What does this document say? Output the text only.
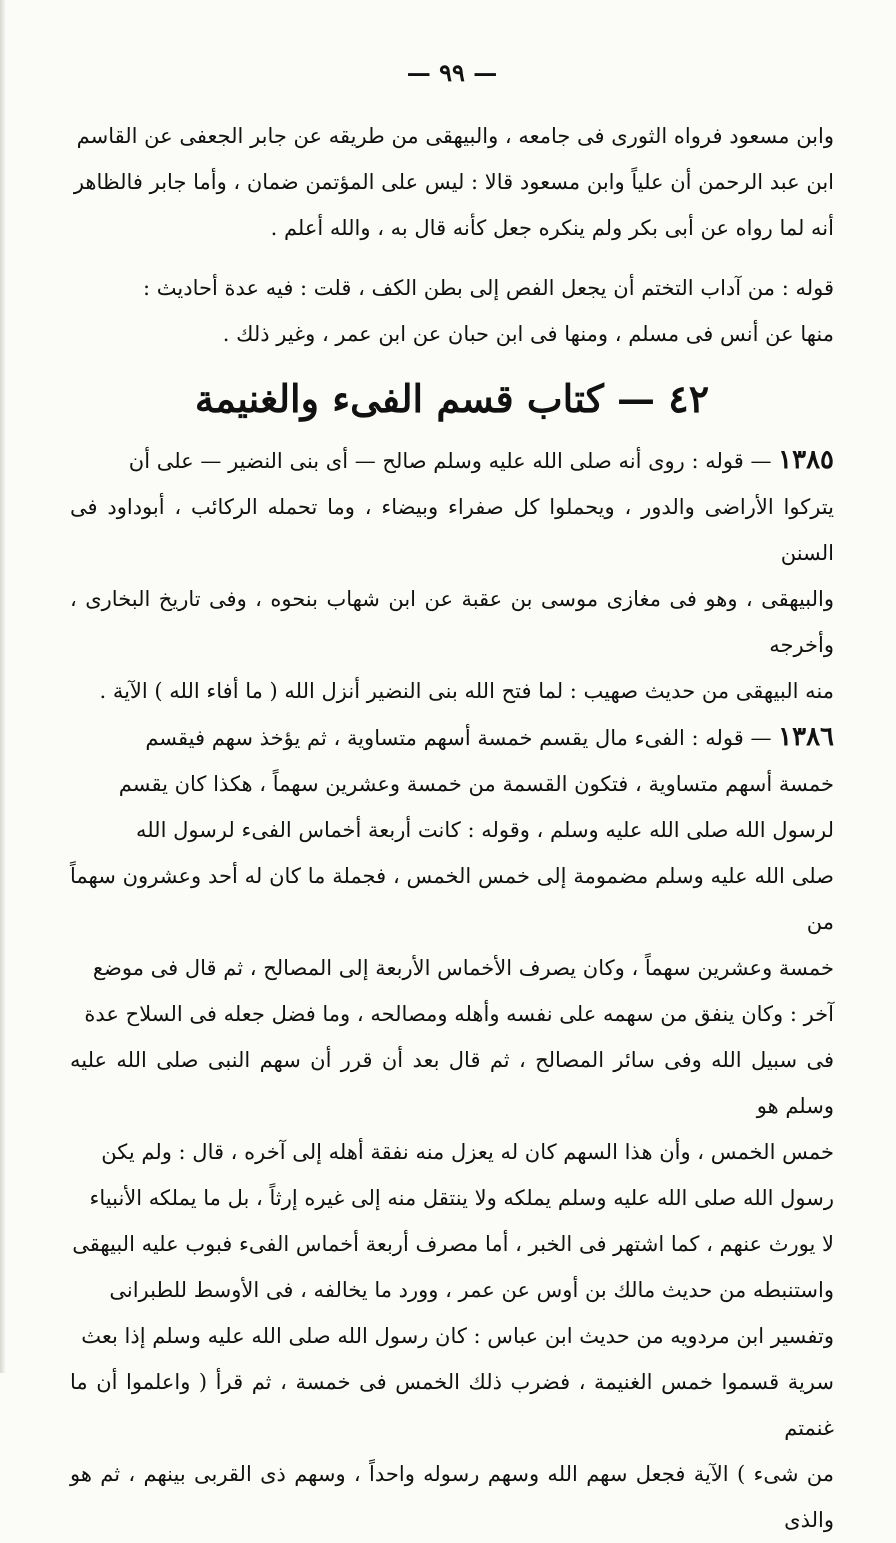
— ٩٩ —

وابن مسعود فرواه الثورى فى جامعه ، والبيهقى من طريقه عن جابر الجعفى عن القاسم

ابن عبد الرحمن أن علياً وابن مسعود قالا : ليس على المؤتمن ضمان ، وأما جابر فالظاهر

أنه لما رواه عن أبى بكر ولم ينكره جعل كأنه قال به ، والله أعلم .

قوله : من آداب التختم أن يجعل الفص إلى بطن الكف ، قلت : فيه عدة أحاديث :

منها عن أنس فى مسلم ، ومنها فى ابن حبان عن ابن عمر ، وغير ذلك .

٤٢ — كتاب قسم الفىء والغنيمة

١٣٨٥ — قوله : روى أنه صلى الله عليه وسلم صالح — أى بنى النضير — على أن

يتركوا الأراضى والدور ، ويحملوا كل صفراء وبيضاء ، وما تحمله الركائب ، أبوداود فى السنن

والبيهقى ، وهو فى مغازى موسى بن عقبة عن ابن شهاب بنحوه ، وفى تاريخ البخارى ، وأخرجه

منه البيهقى من حديث صهيب : لما فتح الله بنى النضير أنزل الله ( ما أفاء الله ) الآية .

١٣٨٦ — قوله : الفىء مال يقسم خمسة أسهم متساوية ، ثم يؤخذ سهم فيقسم

خمسة أسهم متساوية ، فتكون القسمة من خمسة وعشرين سهماً ، هكذا كان يقسم

لرسول الله صلى الله عليه وسلم ، وقوله : كانت أربعة أخماس الفىء لرسول الله

صلى الله عليه وسلم مضمومة إلى خمس الخمس ، فجملة ما كان له أحد وعشرون سهماً من

خمسة وعشرين سهماً ، وكان يصرف الأخماس الأربعة إلى المصالح ، ثم قال فى موضع

آخر : وكان ينفق من سهمه على نفسه وأهله ومصالحه ، وما فضل جعله فى السلاح عدة

فى سبيل الله وفى سائر المصالح ، ثم قال بعد أن قرر أن سهم النبى صلى الله عليه وسلم هو

خمس الخمس ، وأن هذا السهم كان له يعزل منه نفقة أهله إلى آخره ، قال : ولم يكن

رسول الله صلى الله عليه وسلم يملكه ولا ينتقل منه إلى غيره إرثاً ، بل ما يملكه الأنبياء

لا يورث عنهم ، كما اشتهر فى الخبر ، أما مصرف أربعة أخماس الفىء فبوب عليه البيهقى

واستنبطه من حديث مالك بن أوس عن عمر ، وورد ما يخالفه ، فى الأوسط للطبرانى

وتفسير ابن مردويه من حديث ابن عباس : كان رسول الله صلى الله عليه وسلم إذا بعث

سرية قسموا خمس الغنيمة ، فضرب ذلك الخمس فى خمسة ، ثم قرأ ( واعلموا أن ما غنمتم

من شىء ) الآية فجعل سهم الله وسهم رسوله واحداً ، وسهم ذى القربى بينهم ، ثم هو والذى
